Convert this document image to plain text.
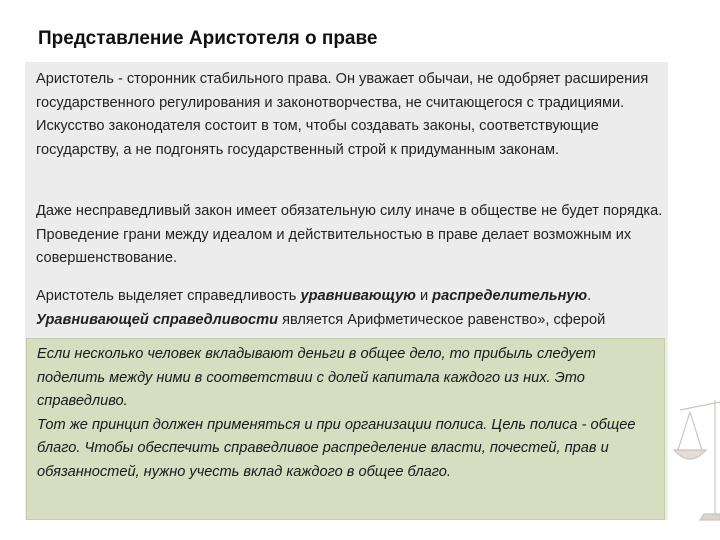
Представление Аристотеля о праве
Аристотель - сторонник стабильного права. Он уважает обычаи, не одобряет расширения государственного регулирования и законотворчества, не считающегося с традициями. Искусство законодателя состоит в том, чтобы создавать законы, соответствующие государству, а не подгонять государственный строй к придуманным законам.
Даже несправедливый закон имеет обязательную силу иначе в обществе не будет порядка. Проведение грани между идеалом и действительностью в праве делает возможным их совершенствование.
Аристотель выделяет справедливость уравнивающую и распределительную.
Уравнивающей справедливости является Арифметическое равенство», сферой
Если несколько человек вкладывают деньги в общее дело, то прибыль следует поделить между ними в соответствии с долей капитала каждого из них. Это справедливо.
Тот же принцип должен применяться и при организации полиса. Цель полиса - общее благо. Чтобы обеспечить справедливое распределение власти, почестей, прав и обязанностей, нужно учесть вклад каждого в общее благо.
